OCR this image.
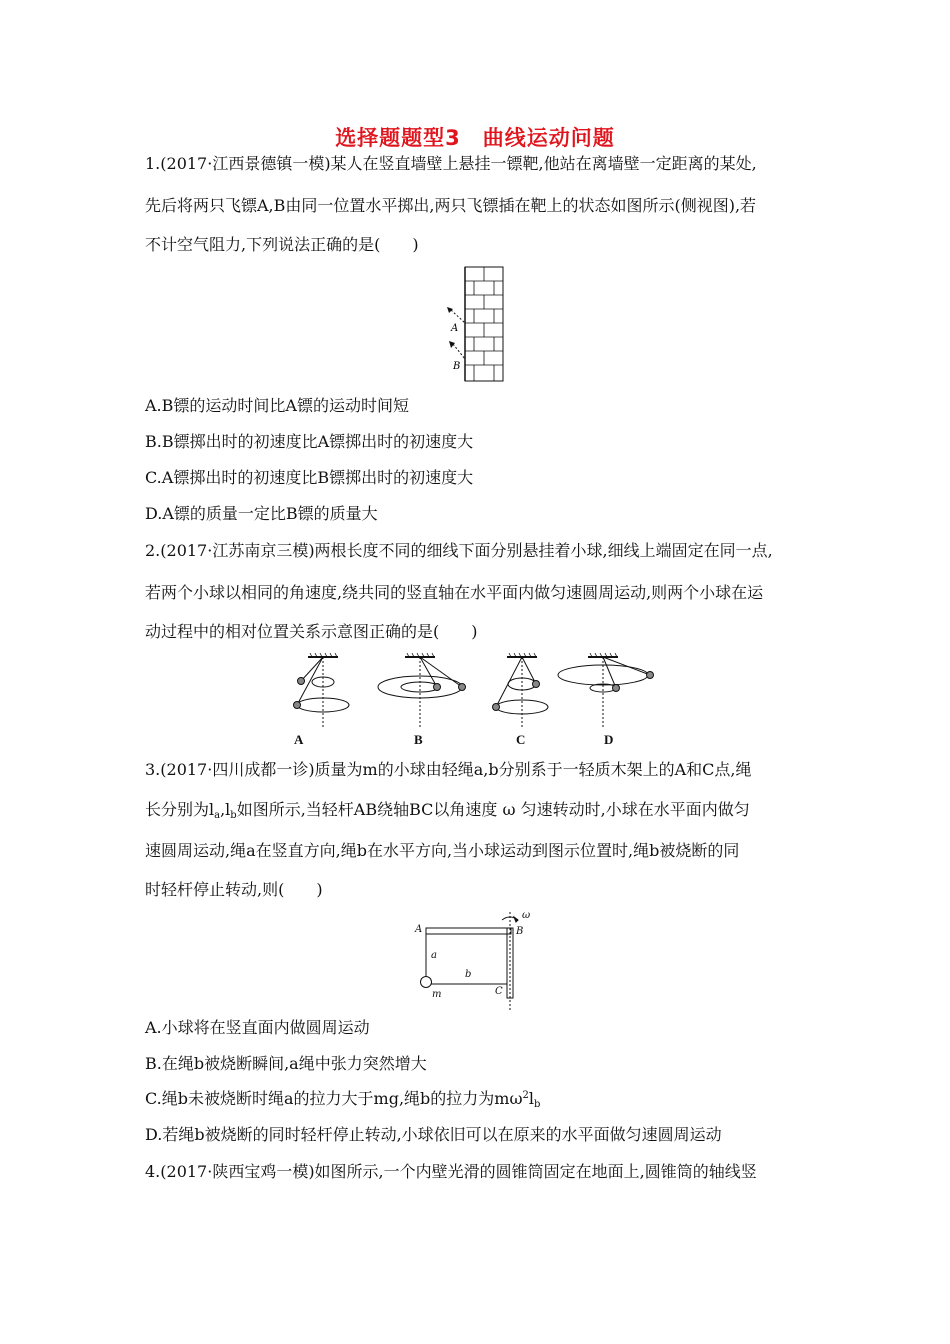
选择题题型3　曲线运动问题
1.(2017·江西景德镇一模)某人在竖直墙壁上悬挂一镖靶,他站在离墙壁一定距离的某处,
先后将两只飞镖A,B由同一位置水平掷出,两只飞镖插在靶上的状态如图所示(侧视图),若
不计空气阻力,下列说法正确的是(　　)
A
B
A.B镖的运动时间比A镖的运动时间短
B.B镖掷出时的初速度比A镖掷出时的初速度大
C.A镖掷出时的初速度比B镖掷出时的初速度大
D.A镖的质量一定比B镖的质量大
2.(2017·江苏南京三模)两根长度不同的细线下面分别悬挂着小球,细线上端固定在同一点,
若两个小球以相同的角速度,绕共同的竖直轴在水平面内做匀速圆周运动,则两个小球在运
动过程中的相对位置关系示意图正确的是(　　)
A	B	C	D
3.(2017·四川成都一诊)质量为m的小球由轻绳a,b分别系于一轻质木架上的A和C点,绳
长分别为$l_a,l_b$如图所示,当轻杆AB绕轴BC以角速度 ω 匀速转动时,小球在水平面内做匀
速圆周运动,绳a在竖直方向,绳b在水平方向,当小球运动到图示位置时,绳b被烧断的同
时轻杆停止转动,则(　　)
A	B
C
a
b
m
ω
A.小球将在竖直面内做圆周运动
B.在绳b被烧断瞬间,a绳中张力突然增大
C.绳b未被烧断时绳a的拉力大于mg,绳b的拉力为$m\omega^2l_b$
D.若绳b被烧断的同时轻杆停止转动,小球依旧可以在原来的水平面做匀速圆周运动
4.(2017·陕西宝鸡一模)如图所示,一个内壁光滑的圆锥筒固定在地面上,圆锥筒的轴线竖
